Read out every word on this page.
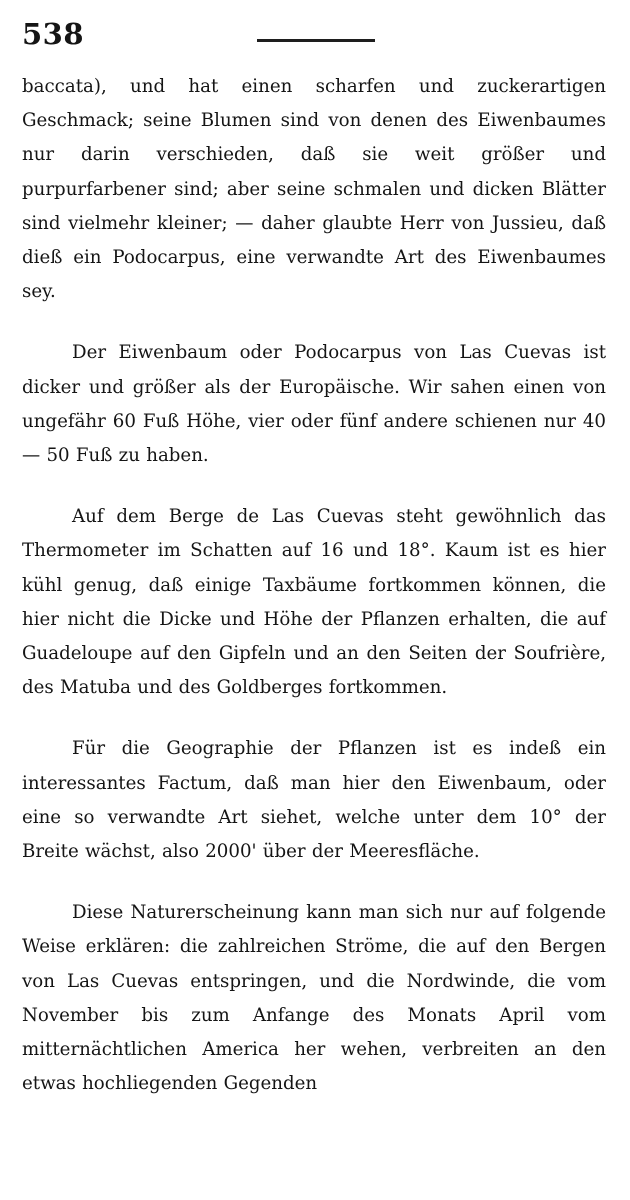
538

baccata), und hat einen scharfen und zuckerartigen Geschmack; seine Blumen sind von denen des Eiwenbaumes nur darin verschieden, daß sie weit größer und purpurfarbener sind; aber seine schmalen und dicken Blätter sind vielmehr kleiner; — daher glaubte Herr von Jussieu, daß dieß ein Podocarpus, eine verwandte Art des Eiwenbaumes sey.

Der Eiwenbaum oder Podocarpus von Las Cuevas ist dicker und größer als der Europäische. Wir sahen einen von ungefähr 60 Fuß Höhe, vier oder fünf andere schienen nur 40 — 50 Fuß zu haben.

Auf dem Berge de Las Cuevas steht gewöhnlich das Thermometer im Schatten auf 16 und 18°. Kaum ist es hier kühl genug, daß einige Taxbäume fortkommen können, die hier nicht die Dicke und Höhe der Pflanzen erhalten, die auf Guadeloupe auf den Gipfeln und an den Seiten der Soufrière, des Matuba und des Goldberges fortkommen.

Für die Geographie der Pflanzen ist es indeß ein interessantes Factum, daß man hier den Eiwenbaum, oder eine so verwandte Art siehet, welche unter dem 10° der Breite wächst, also 2000' über der Meeresfläche.

Diese Naturerscheinung kann man sich nur auf folgende Weise erklären: die zahlreichen Ströme, die auf den Bergen von Las Cuevas entspringen, und die Nordwinde, die vom November bis zum Anfange des Monats April vom mitternächtlichen America her wehen, verbreiten an den etwas hochliegenden Gegenden
